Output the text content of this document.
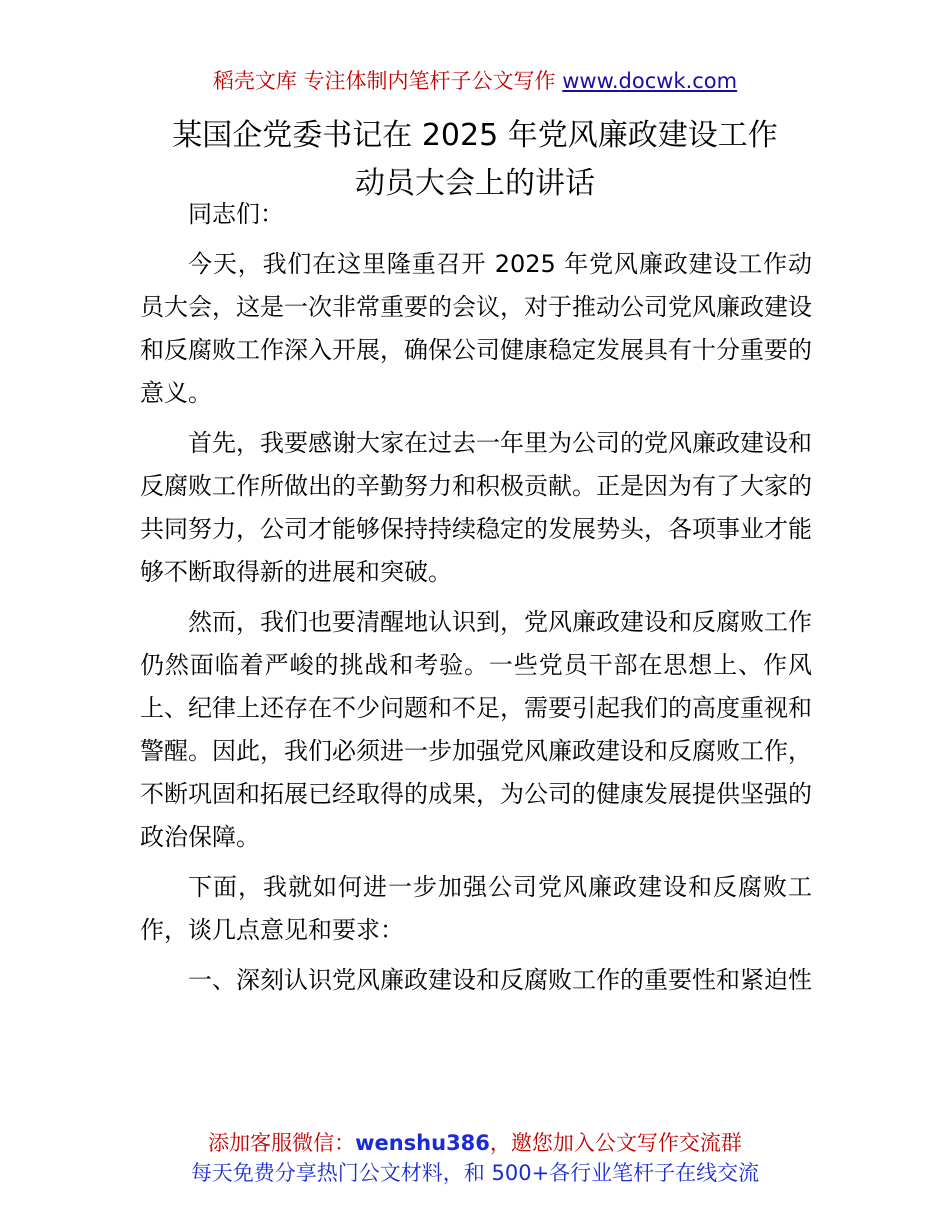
稻壳文库 专注体制内笔杆子公文写作 www.docwk.com
某国企党委书记在 2025 年党风廉政建设工作
动员大会上的讲话

同志们：

今天，我们在这里隆重召开 2025 年党风廉政建设工作动员大会，这是一次非常重要的会议，对于推动公司党风廉政建设和反腐败工作深入开展，确保公司健康稳定发展具有十分重要的意义。

首先，我要感谢大家在过去一年里为公司的党风廉政建设和反腐败工作所做出的辛勤努力和积极贡献。正是因为有了大家的共同努力，公司才能够保持持续稳定的发展势头，各项事业才能够不断取得新的进展和突破。

然而，我们也要清醒地认识到，党风廉政建设和反腐败工作仍然面临着严峻的挑战和考验。一些党员干部在思想上、作风上、纪律上还存在不少问题和不足，需要引起我们的高度重视和警醒。因此，我们必须进一步加强党风廉政建设和反腐败工作，不断巩固和拓展已经取得的成果，为公司的健康发展提供坚强的政治保障。

下面，我就如何进一步加强公司党风廉政建设和反腐败工作，谈几点意见和要求：

一、深刻认识党风廉政建设和反腐败工作的重要性和紧迫性

添加客服微信：wenshu386，邀您加入公文写作交流群
每天免费分享热门公文材料，和 500+各行业笔杆子在线交流
